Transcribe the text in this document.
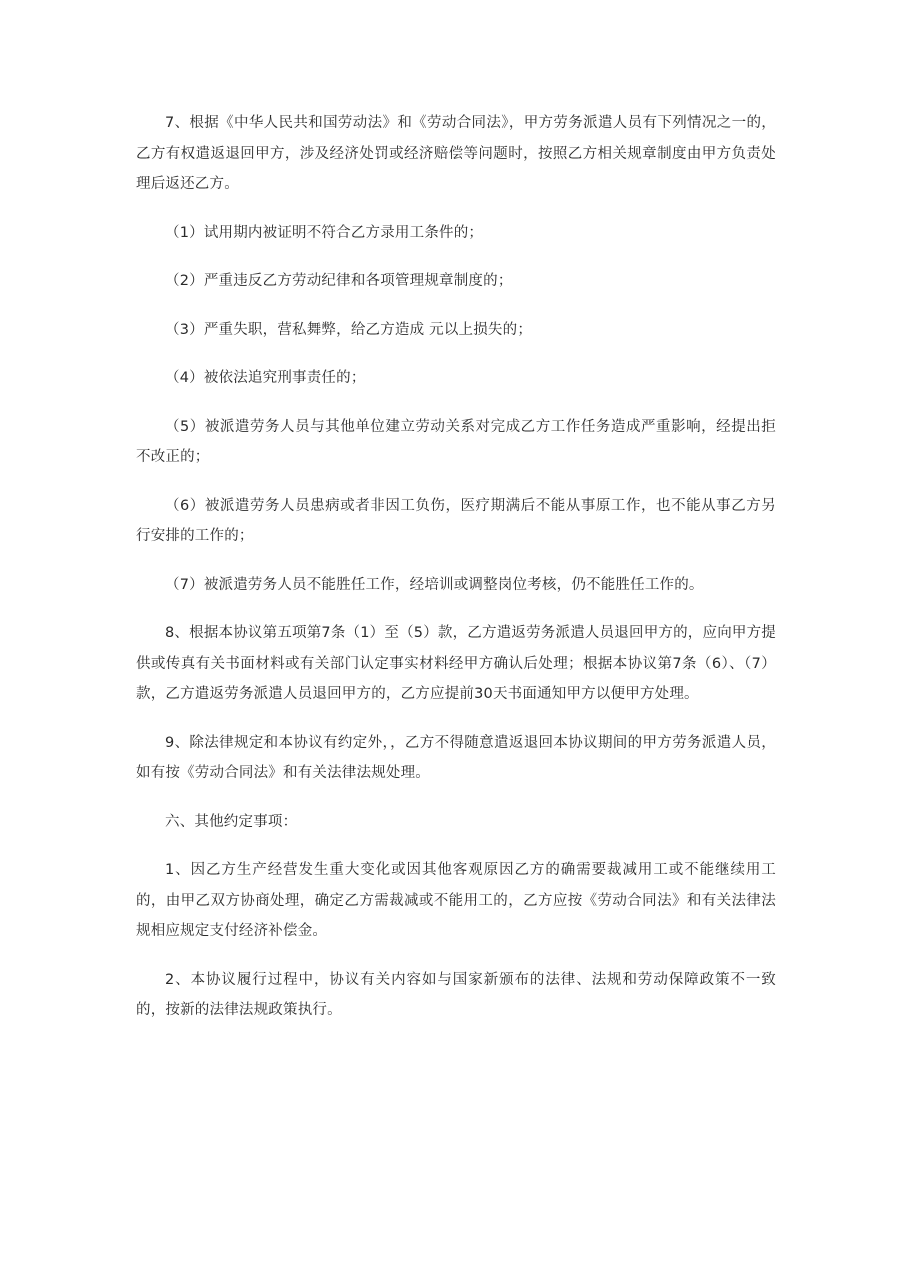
7、根据《中华人民共和国劳动法》和《劳动合同法》，甲方劳务派遣人员有下列情况之一的，乙方有权遣返退回甲方，涉及经济处罚或经济赔偿等问题时，按照乙方相关规章制度由甲方负责处理后返还乙方。

（1）试用期内被证明不符合乙方录用工条件的；

（2）严重违反乙方劳动纪律和各项管理规章制度的；

（3）严重失职，营私舞弊，给乙方造成 元以上损失的；

（4）被依法追究刑事责任的；

（5）被派遣劳务人员与其他单位建立劳动关系对完成乙方工作任务造成严重影响，经提出拒不改正的；

（6）被派遣劳务人员患病或者非因工负伤，医疗期满后不能从事原工作，也不能从事乙方另行安排的工作的；

（7）被派遣劳务人员不能胜任工作，经培训或调整岗位考核，仍不能胜任工作的。

8、根据本协议第五项第7条（1）至（5）款，乙方遣返劳务派遣人员退回甲方的，应向甲方提供或传真有关书面材料或有关部门认定事实材料经甲方确认后处理；根据本协议第7条（6）、（7）款，乙方遣返劳务派遣人员退回甲方的，乙方应提前30天书面通知甲方以便甲方处理。

9、除法律规定和本协议有约定外，，乙方不得随意遣返退回本协议期间的甲方劳务派遣人员，如有按《劳动合同法》和有关法律法规处理。

六、其他约定事项：

1、因乙方生产经营发生重大变化或因其他客观原因乙方的确需要裁减用工或不能继续用工的，由甲乙双方协商处理，确定乙方需裁减或不能用工的，乙方应按《劳动合同法》和有关法律法规相应规定支付经济补偿金。

2、本协议履行过程中，协议有关内容如与国家新颁布的法律、法规和劳动保障政策不一致的，按新的法律法规政策执行。
